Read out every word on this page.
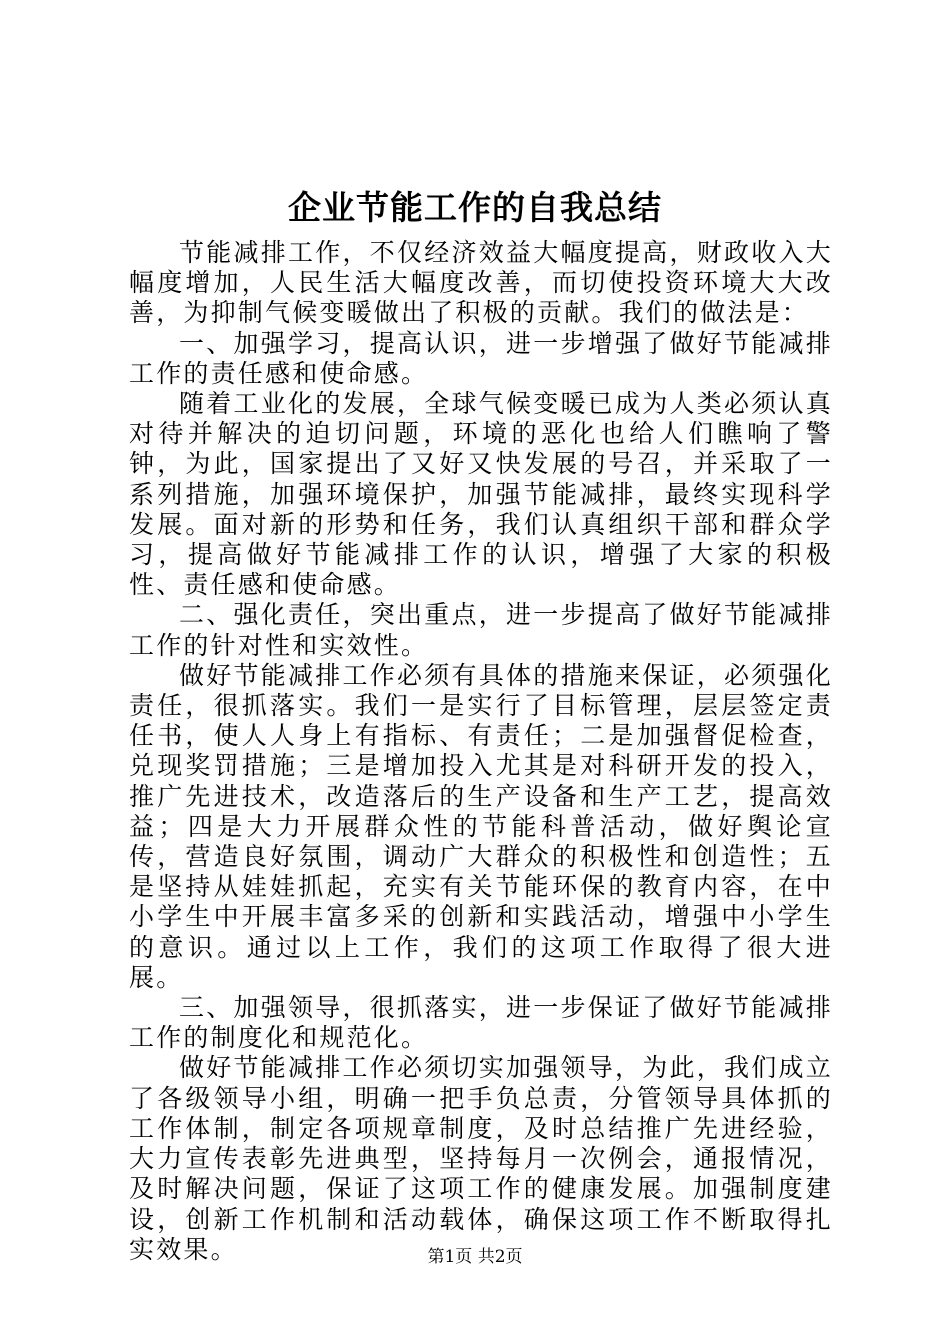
企业节能工作的自我总结

节能减排工作，不仅经济效益大幅度提高，财政收入大幅度增加，人民生活大幅度改善，而切使投资环境大大改善，为抑制气候变暖做出了积极的贡献。我们的做法是：

一、加强学习，提高认识，进一步增强了做好节能减排工作的责任感和使命感。

随着工业化的发展，全球气候变暖已成为人类必须认真对待并解决的迫切问题，环境的恶化也给人们瞧响了警钟，为此，国家提出了又好又快发展的号召，并采取了一系列措施，加强环境保护，加强节能减排，最终实现科学发展。面对新的形势和任务，我们认真组织干部和群众学习，提高做好节能减排工作的认识，增强了大家的积极性、责任感和使命感。

二、强化责任，突出重点，进一步提高了做好节能减排工作的针对性和实效性。

做好节能减排工作必须有具体的措施来保证，必须强化责任，很抓落实。我们一是实行了目标管理，层层签定责任书，使人人身上有指标、有责任；二是加强督促检查，兑现奖罚措施；三是增加投入尤其是对科研开发的投入，推广先进技术，改造落后的生产设备和生产工艺，提高效益；四是大力开展群众性的节能科普活动，做好舆论宣传，营造良好氛围，调动广大群众的积极性和创造性；五是坚持从娃娃抓起，充实有关节能环保的教育内容，在中小学生中开展丰富多采的创新和实践活动，增强中小学生的意识。通过以上工作，我们的这项工作取得了很大进展。

三、加强领导，很抓落实，进一步保证了做好节能减排工作的制度化和规范化。

做好节能减排工作必须切实加强领导，为此，我们成立了各级领导小组，明确一把手负总责，分管领导具体抓的工作体制，制定各项规章制度，及时总结推广先进经验，大力宣传表彰先进典型，坚持每月一次例会，通报情况，及时解决问题，保证了这项工作的健康发展。加强制度建设，创新工作机制和活动载体，确保这项工作不断取得扎实效果。	第1页 共2页
